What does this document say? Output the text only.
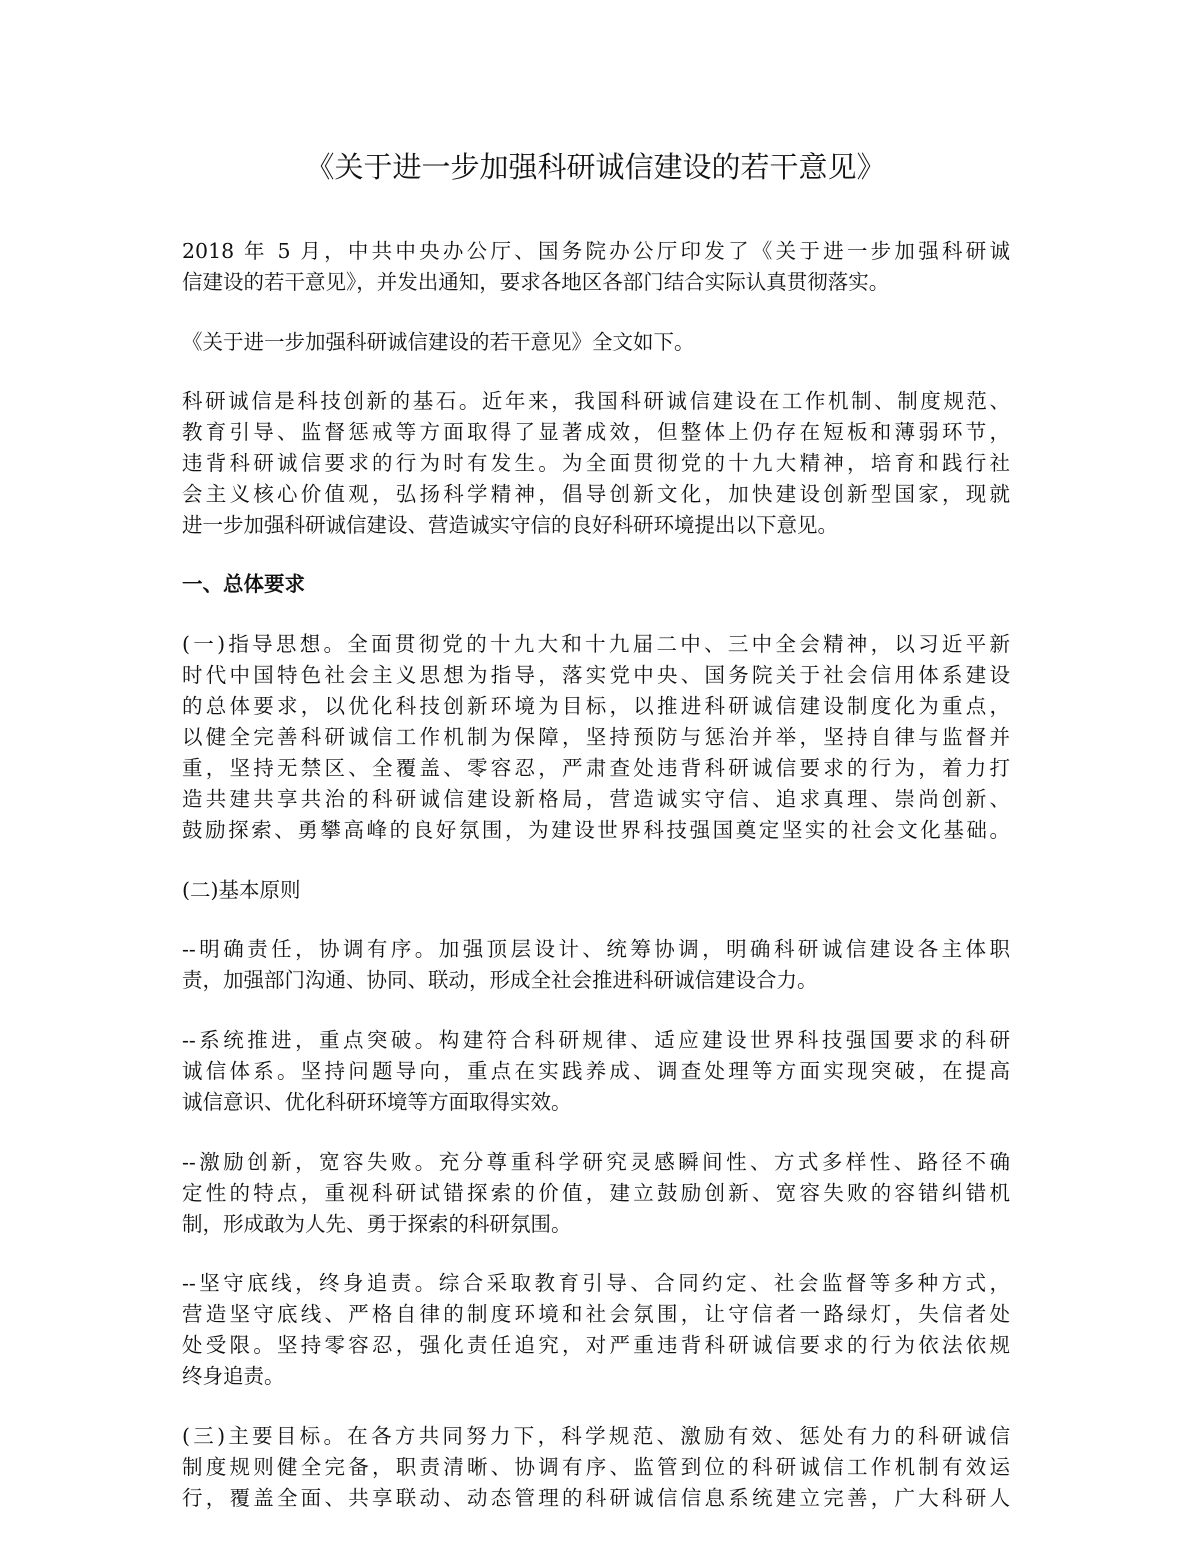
《关于进一步加强科研诚信建设的若干意见》

2018 年 5 月，中共中央办公厅、国务院办公厅印发了《关于进一步加强科研诚

信建设的若干意见》，并发出通知，要求各地区各部门结合实际认真贯彻落实。

《关于进一步加强科研诚信建设的若干意见》全文如下。

科研诚信是科技创新的基石。近年来，我国科研诚信建设在工作机制、制度规范、

教育引导、监督惩戒等方面取得了显著成效，但整体上仍存在短板和薄弱环节，

违背科研诚信要求的行为时有发生。为全面贯彻党的十九大精神，培育和践行社

会主义核心价值观，弘扬科学精神，倡导创新文化，加快建设创新型国家，现就

进一步加强科研诚信建设、营造诚实守信的良好科研环境提出以下意见。

一、总体要求

(一)指导思想。全面贯彻党的十九大和十九届二中、三中全会精神，以习近平新

时代中国特色社会主义思想为指导，落实党中央、国务院关于社会信用体系建设

的总体要求，以优化科技创新环境为目标，以推进科研诚信建设制度化为重点，

以健全完善科研诚信工作机制为保障，坚持预防与惩治并举，坚持自律与监督并

重，坚持无禁区、全覆盖、零容忍，严肃查处违背科研诚信要求的行为，着力打

造共建共享共治的科研诚信建设新格局，营造诚实守信、追求真理、崇尚创新、

鼓励探索、勇攀高峰的良好氛围，为建设世界科技强国奠定坚实的社会文化基础。

(二)基本原则

--明确责任，协调有序。加强顶层设计、统筹协调，明确科研诚信建设各主体职

责，加强部门沟通、协同、联动，形成全社会推进科研诚信建设合力。

--系统推进，重点突破。构建符合科研规律、适应建设世界科技强国要求的科研

诚信体系。坚持问题导向，重点在实践养成、调查处理等方面实现突破，在提高

诚信意识、优化科研环境等方面取得实效。

--激励创新，宽容失败。充分尊重科学研究灵感瞬间性、方式多样性、路径不确

定性的特点，重视科研试错探索的价值，建立鼓励创新、宽容失败的容错纠错机

制，形成敢为人先、勇于探索的科研氛围。

--坚守底线，终身追责。综合采取教育引导、合同约定、社会监督等多种方式，

营造坚守底线、严格自律的制度环境和社会氛围，让守信者一路绿灯，失信者处

处受限。坚持零容忍，强化责任追究，对严重违背科研诚信要求的行为依法依规

终身追责。

(三)主要目标。在各方共同努力下，科学规范、激励有效、惩处有力的科研诚信

制度规则健全完备，职责清晰、协调有序、监管到位的科研诚信工作机制有效运

行，覆盖全面、共享联动、动态管理的科研诚信信息系统建立完善，广大科研人
